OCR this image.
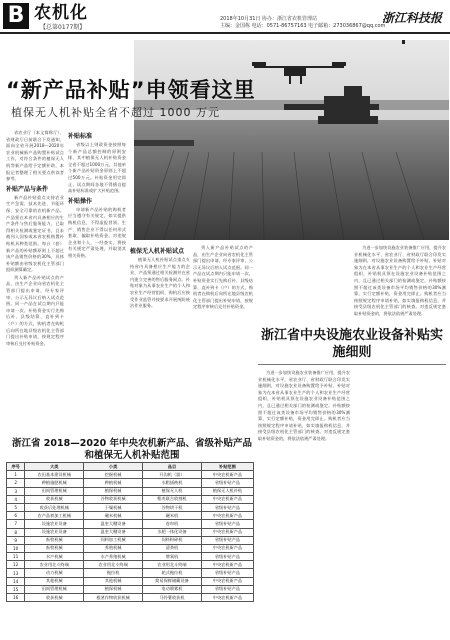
B 农机化
【总第0177期】
2018年10月31日 协办：浙江省农机管理站
主编：金国栋 电话：0571-86757163 电子邮箱：273036867@qq.com
浙江科技报
“新产品补贴”申领看这里
植保无人机补贴全省不超过 1000 万元

省农业厅（本文简称厅）、省财政厅日前联合下发通知，面向全省开展2018—2020年农业机械新产品购置补贴试点工作，对符合条件的植保无人机等新产品给予定额补助，本报记者整理了相关要点供读者参考。

补贴产品与条件

新产品补贴重点支持农业生产急需、技术先进、节能环保、安全可靠的农机新产品。产品须在本省内具备相应的生产条件与售后服务能力，已取得相关检测或鉴定证书，且未被列入国家或本省农机购置补贴机具种类范围。每台（套）新产品的补贴额原则上不超过该产品销售价格的30%，具体补贴额由省级农机化主管部门组织测算确定。

列入新产品补贴试点的产品，由生产企业向省农机化主管部门提出申请，经专家评审、公示无异议后纳入试点范围。同一产品在试点期内只能申请一次。补贴资金实行先购后补、县级结算、直补到卡（户）的方式，购机者在购机后向所在地县级农机化主管部门提出补贴申请，按规定程序审核后兑付补贴资金。

补贴标准

省级以上财政资金按照每个新产品总额控制的原则安排，其中植保无人机补贴资金全省不超过1000万元，其他单个新产品补贴资金原则上不超过500万元。补贴资金用完即止，试点期间各地不得擅自提高补贴标准或扩大补贴范围。

补贴操作

申请新产品补贴的购机者应当遵守有关规定，如实提供购机信息，不得虚报冒领。生产、销售企业不得以任何形式套取、骗取补贴资金。对违规企业和个人，一经查实，将按有关规定严肃处理，并取消其相关资格。

植保无人机补贴试点

植保无人机补贴试点重点支持省内具备相应生产能力的企业，产品须通过相关检测并在省内建立完善的售后服务网点。补贴对象为从事农业生产的个人和农业生产经营组织，购机后应接受作业监管并按要求开展统防统治作业服务。

列入新产品补贴试点的产品，由生产企业向省农机化主管部门提出申请，经专家评审、公示无异议后纳入试点范围。同一产品在试点期内只能申请一次。补贴资金实行先购后补、县级结算、直补到卡（户）的方式，购机者在购机后向所在地县级农机化主管部门提出补贴申请，按规定程序审核后兑付补贴资金。

浙江省中央设施农业设备补贴实施细则

为进一步加快设施农业装备推广应用，提升农业机械化水平，省农业厅、省财政厅联合印发实施细则，对设施农业设备购置给予补贴。补贴对象为在本省从事农业生产的个人和农业生产经营组织，补贴机具须在设施农业设备补贴范围之内，且已通过相关部门的检测或鉴定。补贴额按照不超过该类设备市场平均销售价格的30%测算，实行定额补贴，资金用完即止。购机者应当按照规定程序申请补贴，如实填报购机信息，并接受县级农机化主管部门的核查。对违反规定套取补贴资金的，将依法依规严肃处理。

为进一步加快设施农业装备推广应用，提升农业机械化水平，省农业厅、省财政厅联合印发实施细则，对设施农业设备购置给予补贴。补贴对象为在本省从事农业生产的个人和农业生产经营组织，补贴机具须在设施农业设备补贴范围之内，且已通过相关部门的检测或鉴定。补贴额按照不超过该类设备市场平均销售价格的30%测算，实行定额补贴，资金用完即止。购机者应当按照规定程序申请补贴，如实填报购机信息，并接受县级农机化主管部门的核查。对违反规定套取补贴资金的，将依法依规严肃处理。

浙江省 2018—2020 年中央农机新产品、省级补贴产品和植保无人机补贴范围
序号	大类	小类	品目	补贴范围
1	农田基本建设机械	挖掘机械	开沟机（器）	中央农机新产品
2	种植施肥机械	种植机械	水稻插秧机	省级补贴产品
3	田间管理机械	植保机械	植保无人机	植保无人机补贴
4	收获机械	谷物收获机械	稻麦联合收割机	中央农机新产品
5	收获后处理机械	干燥机械	谷物烘干机	省级补贴产品
6	农产品初加工机械	碾米机械	碾米机	中央农机新产品
7	设施农业设备	温室大棚设备	卷帘机	省级补贴产品
8	设施农业设备	温室大棚设备	水肥一体化设备	中央农机新产品
9	畜牧机械	饲料加工机械	饲料粉碎机	省级补贴产品
10	畜牧机械	养殖机械	清粪机	中央农机新产品
11	水产机械	水产养殖机械	增氧机	省级补贴产品
12	农业用北斗终端	农业用北斗终端	农业用北斗终端	中央农机新产品
13	动力机械	拖拉机	轮式拖拉机	省级补贴产品
14	其他机械	其他机械	简易保鲜储藏设备	中央农机新产品
15	田间管理机械	植保机械	电动喷雾机	省级补贴产品
16	收获机械	根茎作物收获机械	马铃薯收获机	中央农机新产品
